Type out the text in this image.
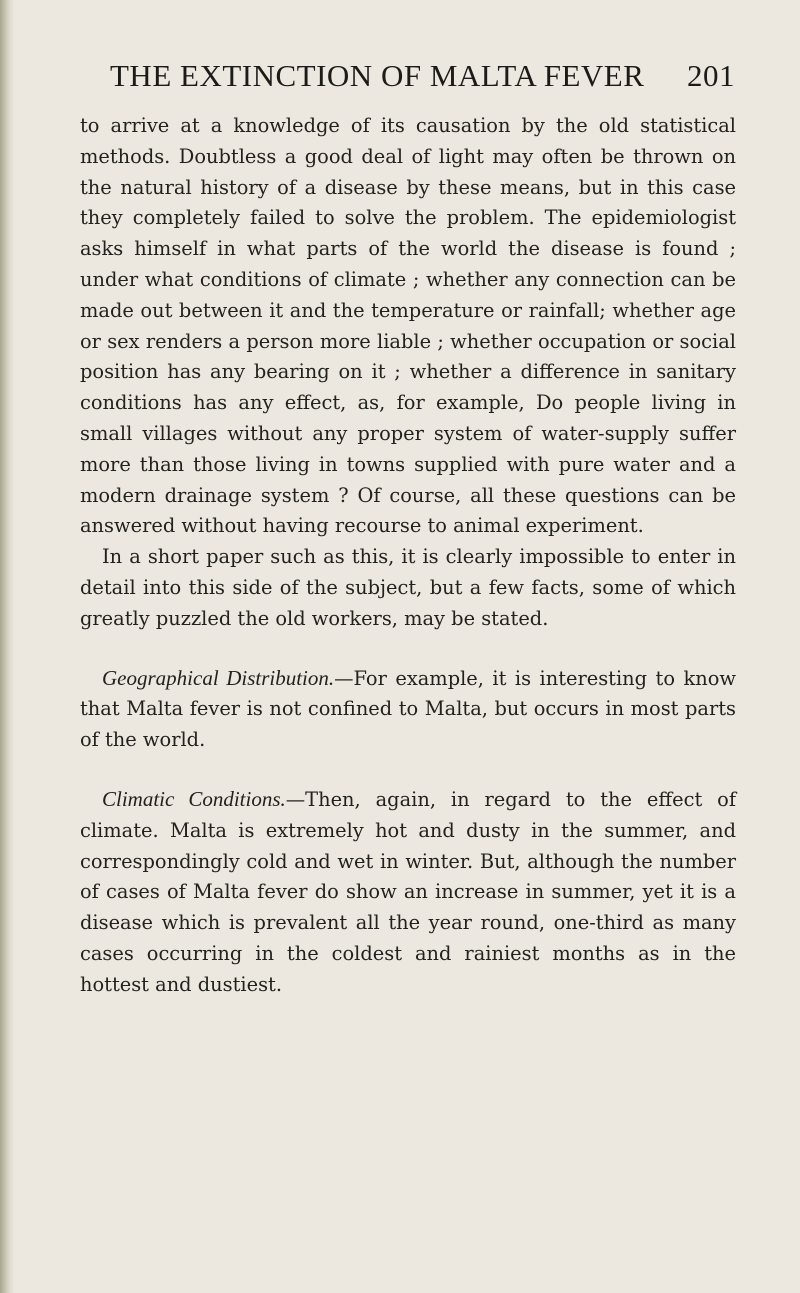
THE EXTINCTION OF MALTA FEVER 201

to arrive at a knowledge of its causation by the old statistical methods. Doubtless a good deal of light may often be thrown on the natural history of a disease by these means, but in this case they completely failed to solve the problem. The epidemiologist asks himself in what parts of the world the disease is found ; under what conditions of climate ; whether any connection can be made out between it and the temperature or rainfall; whether age or sex renders a person more liable ; whether occupation or social position has any bearing on it ; whether a difference in sanitary conditions has any effect, as, for example, Do people living in small villages without any proper system of water-supply suffer more than those living in towns supplied with pure water and a modern drainage system ? Of course, all these questions can be answered without having recourse to animal experiment.

In a short paper such as this, it is clearly impossible to enter in detail into this side of the subject, but a few facts, some of which greatly puzzled the old workers, may be stated.

Geographical Distribution.—For example, it is interesting to know that Malta fever is not confined to Malta, but occurs in most parts of the world.

Climatic Conditions.—Then, again, in regard to the effect of climate. Malta is extremely hot and dusty in the summer, and correspondingly cold and wet in winter. But, although the number of cases of Malta fever do show an increase in summer, yet it is a disease which is prevalent all the year round, one-third as many cases occurring in the coldest and rainiest months as in the hottest and dustiest.
